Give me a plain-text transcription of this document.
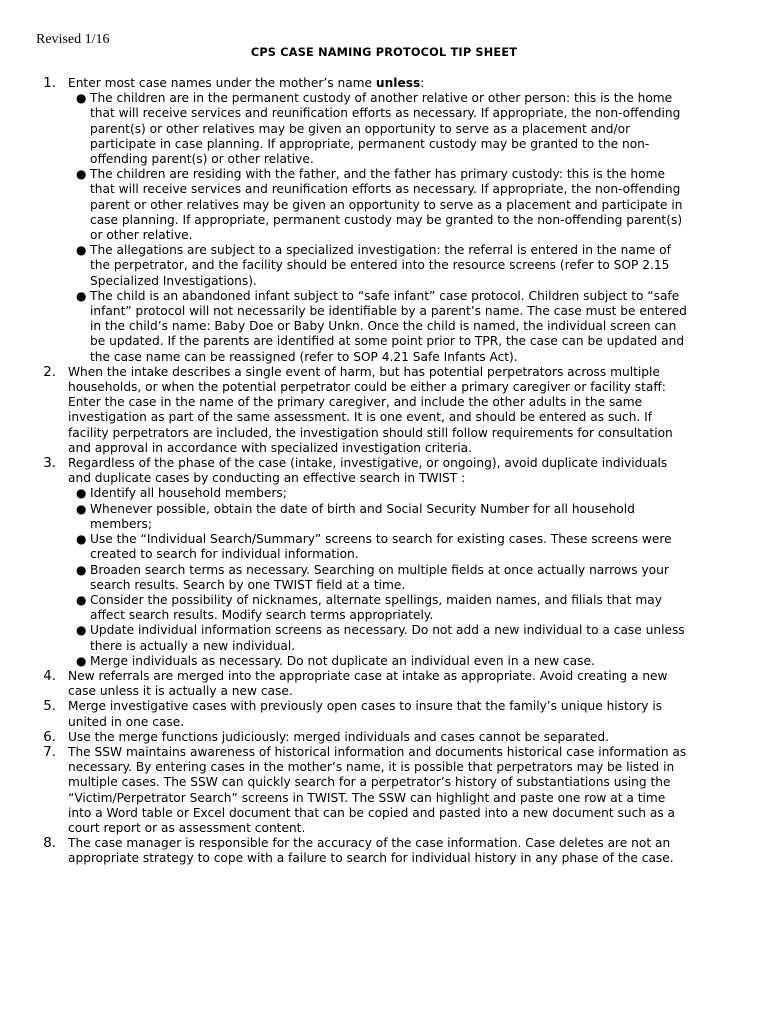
Revised 1/16
CPS CASE NAMING PROTOCOL TIP SHEET
1. Enter most case names under the mother’s name unless:
● The children are in the permanent custody of another relative or other person: this is the home that will receive services and reunification efforts as necessary. If appropriate, the non-offending parent(s) or other relatives may be given an opportunity to serve as a placement and/or participate in case planning. If appropriate, permanent custody may be granted to the non-offending parent(s) or other relative.
● The children are residing with the father, and the father has primary custody: this is the home that will receive services and reunification efforts as necessary. If appropriate, the non-offending parent or other relatives may be given an opportunity to serve as a placement and participate in case planning. If appropriate, permanent custody may be granted to the non-offending parent(s) or other relative.
● The allegations are subject to a specialized investigation: the referral is entered in the name of the perpetrator, and the facility should be entered into the resource screens (refer to SOP 2.15 Specialized Investigations).
● The child is an abandoned infant subject to “safe infant” case protocol. Children subject to “safe infant” protocol will not necessarily be identifiable by a parent’s name. The case must be entered in the child’s name: Baby Doe or Baby Unkn. Once the child is named, the individual screen can be updated. If the parents are identified at some point prior to TPR, the case can be updated and the case name can be reassigned (refer to SOP 4.21 Safe Infants Act).
2. When the intake describes a single event of harm, but has potential perpetrators across multiple households, or when the potential perpetrator could be either a primary caregiver or facility staff: Enter the case in the name of the primary caregiver, and include the other adults in the same investigation as part of the same assessment. It is one event, and should be entered as such. If facility perpetrators are included, the investigation should still follow requirements for consultation and approval in accordance with specialized investigation criteria.
3. Regardless of the phase of the case (intake, investigative, or ongoing), avoid duplicate individuals and duplicate cases by conducting an effective search in TWIST :
● Identify all household members;
● Whenever possible, obtain the date of birth and Social Security Number for all household members;
● Use the “Individual Search/Summary” screens to search for existing cases. These screens were created to search for individual information.
● Broaden search terms as necessary. Searching on multiple fields at once actually narrows your search results. Search by one TWIST field at a time.
● Consider the possibility of nicknames, alternate spellings, maiden names, and filials that may affect search results. Modify search terms appropriately.
● Update individual information screens as necessary. Do not add a new individual to a case unless there is actually a new individual.
● Merge individuals as necessary. Do not duplicate an individual even in a new case.
4. New referrals are merged into the appropriate case at intake as appropriate. Avoid creating a new case unless it is actually a new case.
5. Merge investigative cases with previously open cases to insure that the family’s unique history is united in one case.
6. Use the merge functions judiciously: merged individuals and cases cannot be separated.
7. The SSW maintains awareness of historical information and documents historical case information as necessary. By entering cases in the mother’s name, it is possible that perpetrators may be listed in multiple cases. The SSW can quickly search for a perpetrator’s history of substantiations using the “Victim/Perpetrator Search” screens in TWIST. The SSW can highlight and paste one row at a time into a Word table or Excel document that can be copied and pasted into a new document such as a court report or as assessment content.
8. The case manager is responsible for the accuracy of the case information. Case deletes are not an appropriate strategy to cope with a failure to search for individual history in any phase of the case.
